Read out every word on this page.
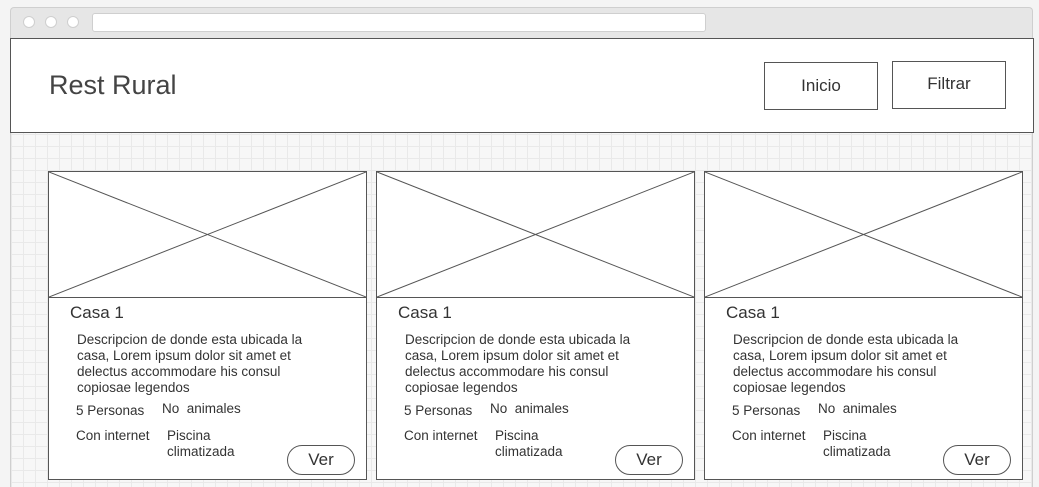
Rest Rural	Inicio	Filtrar
Casa 1
Descripcion de donde esta ubicada la casa, Lorem ipsum dolor sit amet et delectus accommodare his consul copiosae legendos
5 Personas No  animales
Con internet Piscina climatizada	Ver
Casa 1
Descripcion de donde esta ubicada la casa, Lorem ipsum dolor sit amet et delectus accommodare his consul copiosae legendos
5 Personas No  animales
Con internet Piscina climatizada	Ver
Casa 1
Descripcion de donde esta ubicada la casa, Lorem ipsum dolor sit amet et delectus accommodare his consul copiosae legendos
5 Personas No  animales
Con internet Piscina climatizada	Ver
